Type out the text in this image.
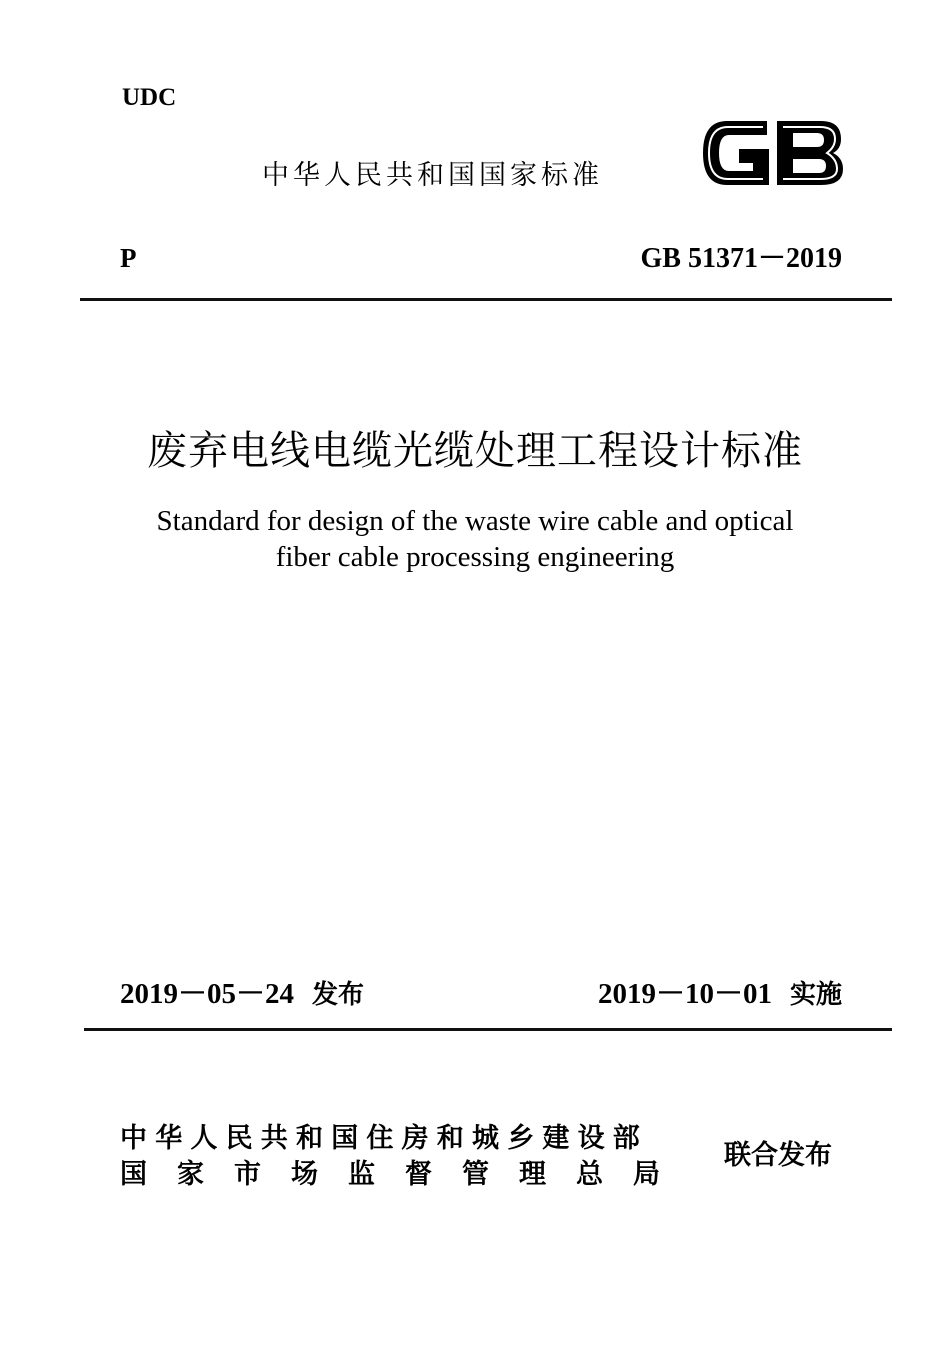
UDC
中华人民共和国国家标准
P	GB 51371－2019
废弃电线电缆光缆处理工程设计标准
Standard for design of the waste wire cable and optical
fiber cable processing engineering
2019－05－24 发布	2019－10－01 实施
中华人民共和国住房和城乡建设部
国家市场监督管理总局
联合发布
